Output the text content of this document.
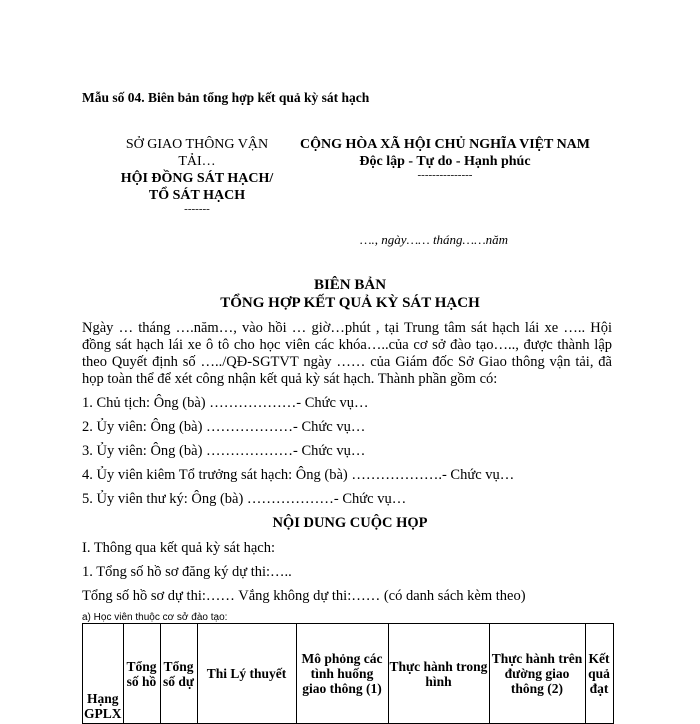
Mẫu số 04. Biên bản tổng hợp kết quả kỳ sát hạch
SỞ GIAO THÔNG VẬN
TẢI…
HỘI ĐỒNG SÁT HẠCH/
TỔ SÁT HẠCH
-------
CỘNG HÒA XÃ HỘI CHỦ NGHĨA VIỆT NAM
Độc lập - Tự do - Hạnh phúc
---------------
…., ngày…… tháng……năm
BIÊN BẢN
TỔNG HỢP KẾT QUẢ KỲ SÁT HẠCH
Ngày … tháng ….năm…, vào hồi … giờ…phút , tại Trung tâm sát hạch lái xe ….. Hội đồng sát hạch lái xe ô tô cho học viên các khóa…..của cơ sở đào tạo….., được thành lập theo Quyết định số …../QĐ-SGTVT ngày …… của Giám đốc Sở Giao thông vận tải, đã họp toàn thể để xét công nhận kết quả kỳ sát hạch. Thành phần gồm có:
1. Chủ tịch: Ông (bà) ………………- Chức vụ…
2. Ủy viên: Ông (bà) ………………- Chức vụ…
3. Ủy viên: Ông (bà) ………………- Chức vụ…
4. Ủy viên kiêm Tổ trưởng sát hạch: Ông (bà) ……………….- Chức vụ…
5. Ủy viên thư ký: Ông (bà) ………………- Chức vụ…
NỘI DUNG CUỘC HỌP
I. Thông qua kết quả kỳ sát hạch:
1. Tổng số hồ sơ đăng ký dự thi:…..
Tổng số hồ sơ dự thi:…… Vắng không dự thi:…… (có danh sách kèm theo)
a) Học viên thuộc cơ sở đào tạo:
Hạng GPLX	Tổng số hồ	Tổng số dự	Thi Lý thuyết	Mô phỏng các tình huống giao thông (1)	Thực hành trong hình	Thực hành trên đường giao thông (2)	Kết quả đạt
